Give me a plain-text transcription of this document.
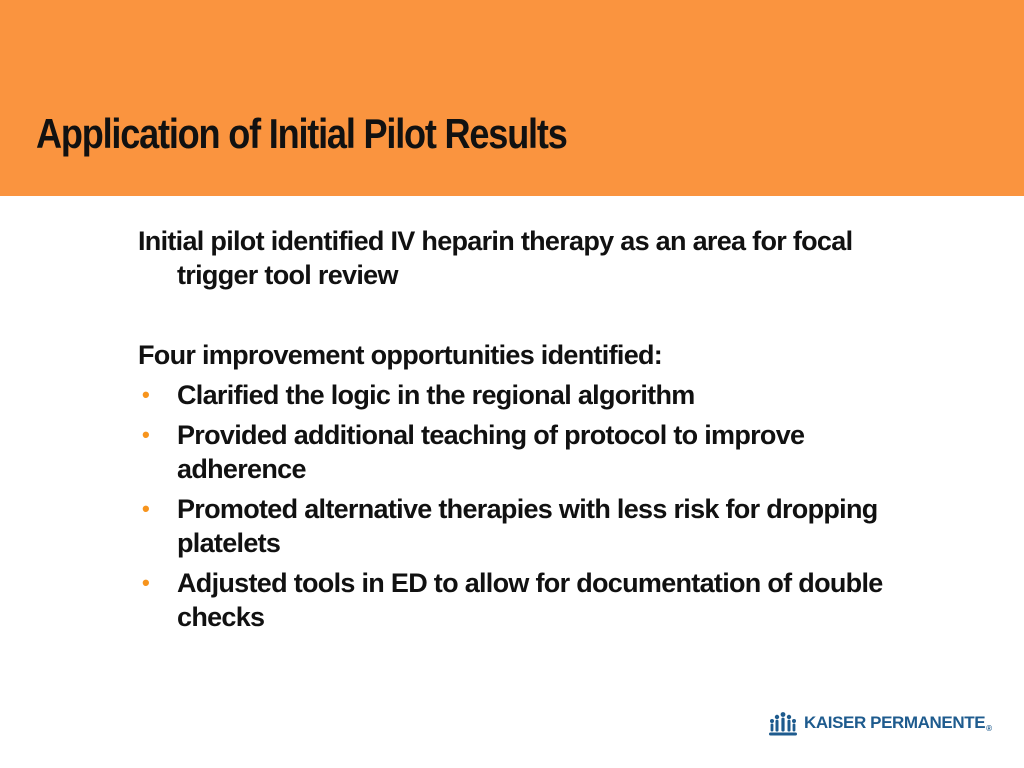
Application of Initial Pilot Results

Initial pilot identified IV heparin therapy as an area for focal trigger tool review

Four improvement opportunities identified:

• Clarified the logic in the regional algorithm
• Provided additional teaching of protocol to improve adherence
• Promoted alternative therapies with less risk for dropping platelets
• Adjusted tools in ED to allow for documentation of double checks
KAISER PERMANENTE®
